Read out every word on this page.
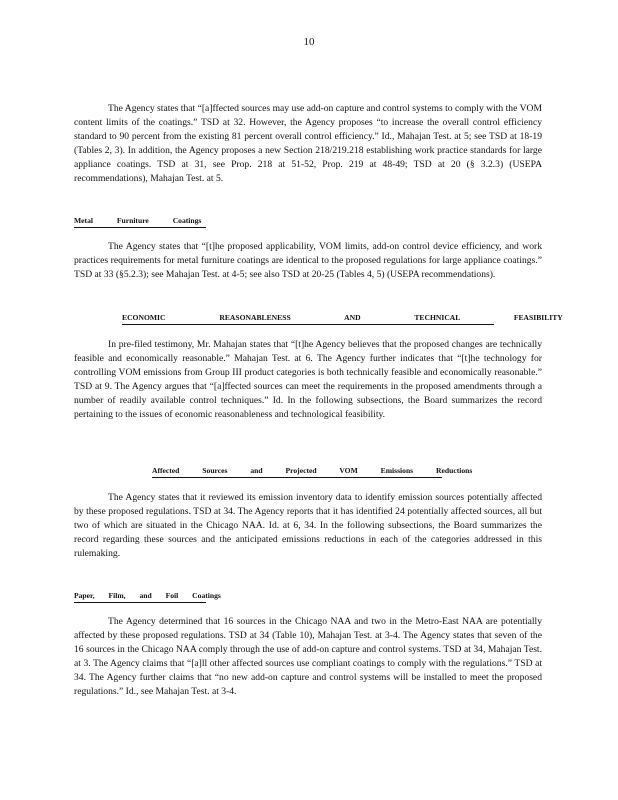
10

The Agency states that “[a]ffected sources may use add-on capture and control systems to comply with the VOM content limits of the coatings.” TSD at 32. However, the Agency proposes “to increase the overall control efficiency standard to 90 percent from the existing 81 percent overall control efficiency.” Id., Mahajan Test. at 5; see TSD at 18-19 (Tables 2, 3). In addition, the Agency proposes a new Section 218/219.218 establishing work practice standards for large appliance coatings. TSD at 31, see Prop. 218 at 51-52, Prop. 219 at 48-49; TSD at 20 (§ 3.2.3) (USEPA recommendations), Mahajan Test. at 5.

Metal Furniture Coatings

The Agency states that “[t]he proposed applicability, VOM limits, add-on control device efficiency, and work practices requirements for metal furniture coatings are identical to the proposed regulations for large appliance coatings.” TSD at 33 (§5.2.3); see Mahajan Test. at 4-5; see also TSD at 20-25 (Tables 4, 5) (USEPA recommendations).

ECONOMIC REASONABLENESS AND TECHNICAL FEASIBILITY

In pre-filed testimony, Mr. Mahajan states that “[t]he Agency believes that the proposed changes are technically feasible and economically reasonable.” Mahajan Test. at 6. The Agency further indicates that “[t]he technology for controlling VOM emissions from Group III product categories is both technically feasible and economically reasonable.” TSD at 9. The Agency argues that “[a]ffected sources can meet the requirements in the proposed amendments through a number of readily available control techniques.” Id. In the following subsections, the Board summarizes the record pertaining to the issues of economic reasonableness and technological feasibility.

Affected Sources and Projected VOM Emissions Reductions

The Agency states that it reviewed its emission inventory data to identify emission sources potentially affected by these proposed regulations. TSD at 34. The Agency reports that it has identified 24 potentially affected sources, all but two of which are situated in the Chicago NAA. Id. at 6, 34. In the following subsections, the Board summarizes the record regarding these sources and the anticipated emissions reductions in each of the categories addressed in this rulemaking.

Paper, Film, and Foil Coatings

The Agency determined that 16 sources in the Chicago NAA and two in the Metro-East NAA are potentially affected by these proposed regulations. TSD at 34 (Table 10), Mahajan Test. at 3-4. The Agency states that seven of the 16 sources in the Chicago NAA comply through the use of add-on capture and control systems. TSD at 34, Mahajan Test. at 3. The Agency claims that “[a]ll other affected sources use compliant coatings to comply with the regulations.” TSD at 34. The Agency further claims that “no new add-on capture and control systems will be installed to meet the proposed regulations.” Id., see Mahajan Test. at 3-4.
